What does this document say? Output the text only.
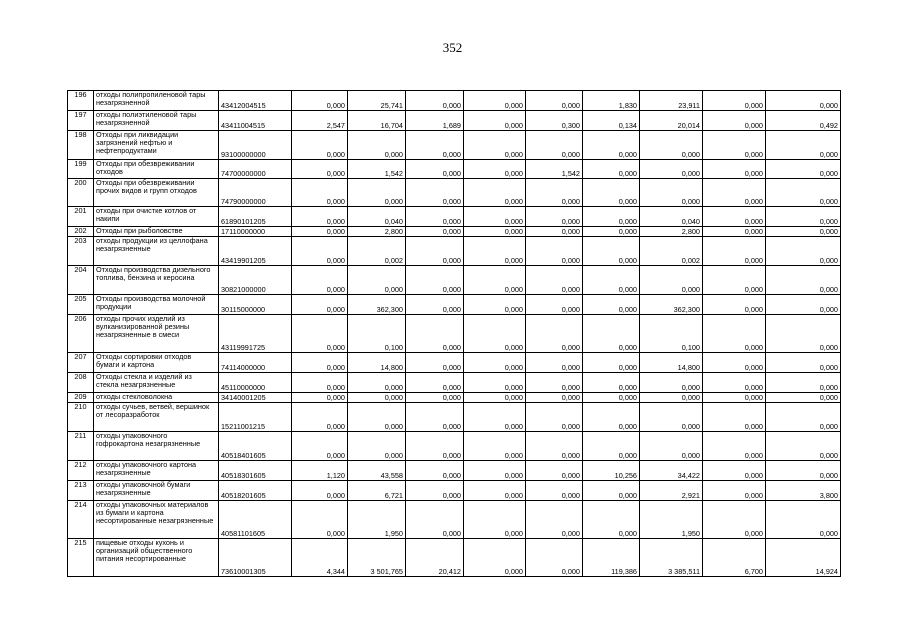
352
196	отходы полипропиленовой тары незагрязненной	43412004515	0,000	25,741	0,000	0,000	0,000	1,830	23,911	0,000	0,000
197	отходы полиэтиленовой тары незагрязненной	43411004515	2,547	16,704	1,689	0,000	0,300	0,134	20,014	0,000	0,492
198	Отходы при ликвидации загрязнений нефтью и нефтепродуктами	93100000000	0,000	0,000	0,000	0,000	0,000	0,000	0,000	0,000	0,000
199	Отходы при обезвреживании отходов	74700000000	0,000	1,542	0,000	0,000	1,542	0,000	0,000	0,000	0,000
200	Отходы при обезвреживании прочих видов и групп отходов	74790000000	0,000	0,000	0,000	0,000	0,000	0,000	0,000	0,000	0,000
201	отходы при очистке котлов от накипи	61890101205	0,000	0,040	0,000	0,000	0,000	0,000	0,040	0,000	0,000
202	Отходы при рыболовстве	17110000000	0,000	2,800	0,000	0,000	0,000	0,000	2,800	0,000	0,000
203	отходы продукции из целлофана незагрязненные	43419901205	0,000	0,002	0,000	0,000	0,000	0,000	0,002	0,000	0,000
204	Отходы производства дизельного топлива, бензина и керосина	30821000000	0,000	0,000	0,000	0,000	0,000	0,000	0,000	0,000	0,000
205	Отходы производства молочной продукции	30115000000	0,000	362,300	0,000	0,000	0,000	0,000	362,300	0,000	0,000
206	отходы прочих изделий из вулканизированной резины незагрязненные в смеси	43119991725	0,000	0,100	0,000	0,000	0,000	0,000	0,100	0,000	0,000
207	Отходы сортировки отходов бумаги и картона	74114000000	0,000	14,800	0,000	0,000	0,000	0,000	14,800	0,000	0,000
208	Отходы стекла и изделий из стекла незагрязненные	45110000000	0,000	0,000	0,000	0,000	0,000	0,000	0,000	0,000	0,000
209	отходы стекловолокна	34140001205	0,000	0,000	0,000	0,000	0,000	0,000	0,000	0,000	0,000
210	отходы сучьев, ветвей, вершинок от лесоразработок	15211001215	0,000	0,000	0,000	0,000	0,000	0,000	0,000	0,000	0,000
211	отходы упаковочного гофрокартона незагрязненные	40518401605	0,000	0,000	0,000	0,000	0,000	0,000	0,000	0,000	0,000
212	отходы упаковочного картона незагрязненные	40518301605	1,120	43,558	0,000	0,000	0,000	10,256	34,422	0,000	0,000
213	отходы упаковочной бумаги незагрязненные	40518201605	0,000	6,721	0,000	0,000	0,000	0,000	2,921	0,000	3,800
214	отходы упаковочных материалов из бумаги и картона несортированные незагрязненные	40581101605	0,000	1,950	0,000	0,000	0,000	0,000	1,950	0,000	0,000
215	пищевые отходы кухонь и организаций общественного питания несортированные	73610001305	4,344	3 501,765	20,412	0,000	0,000	119,386	3 385,511	6,700	14,924
